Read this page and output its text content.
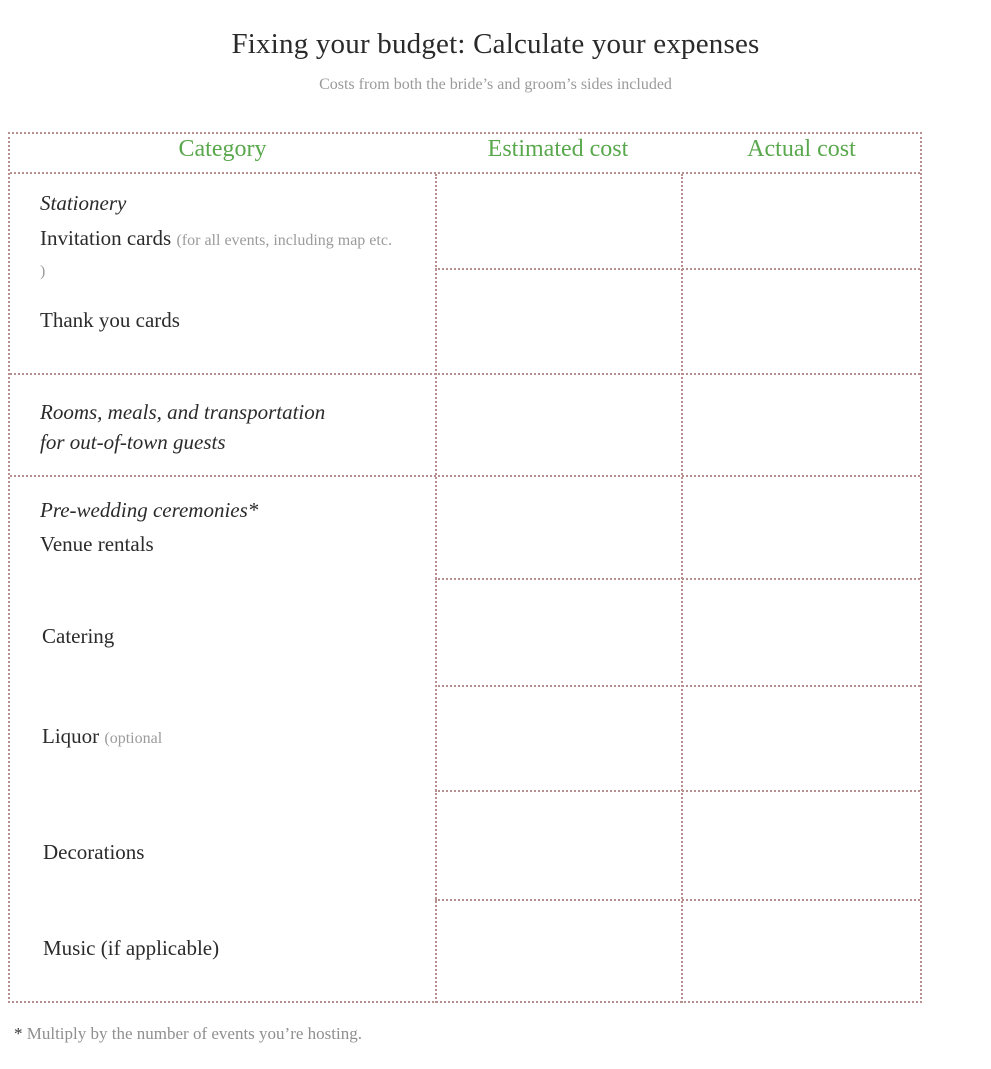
Fixing your budget: Calculate your expenses
Costs from both the bride’s and groom’s sides included
Category	Estimated cost	Actual cost
Stationery
Invitation cards (for all events, including map etc. )
Thank you cards
Rooms, meals, and transportation
for out-of-town guests
Pre-wedding ceremonies*
Venue rentals
Catering
Liquor (optional
Decorations
Music (if applicable)
* Multiply by the number of events you’re hosting.
